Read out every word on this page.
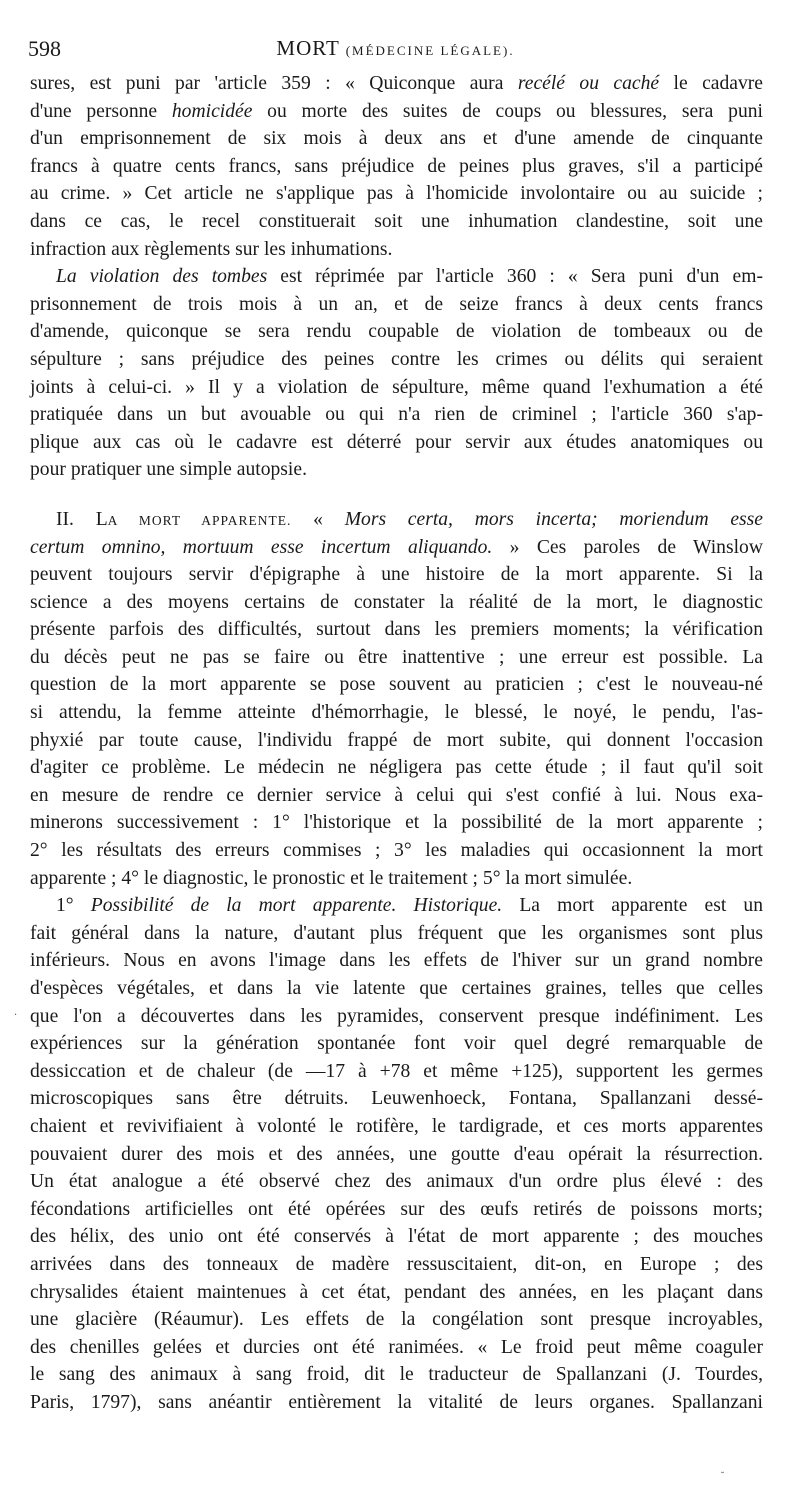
598	MORT (MÉDECINE LÉGALE).
sures, est puni par 'article 359 : « Quiconque aura recélé ou caché le cadavre
d'une personne homicidée ou morte des suites de coups ou blessures, sera puni
d'un emprisonnement de six mois à deux ans et d'une amende de cinquante
francs à quatre cents francs, sans préjudice de peines plus graves, s'il a participé
au crime. » Cet article ne s'applique pas à l'homicide involontaire ou au suicide ;
dans ce cas, le recel constituerait soit une inhumation clandestine, soit une
infraction aux règlements sur les inhumations.
La violation des tombes est réprimée par l'article 360 : « Sera puni d'un em-
prisonnement de trois mois à un an, et de seize francs à deux cents francs
d'amende, quiconque se sera rendu coupable de violation de tombeaux ou de
sépulture ; sans préjudice des peines contre les crimes ou délits qui seraient
joints à celui-ci. » Il y a violation de sépulture, même quand l'exhumation a été
pratiquée dans un but avouable ou qui n'a rien de criminel ; l'article 360 s'ap-
plique aux cas où le cadavre est déterré pour servir aux études anatomiques ou
pour pratiquer une simple autopsie.
II. LA MORT APPARENTE. « Mors certa, mors incerta; moriendum esse
certum omnino, mortuum esse incertum aliquando. » Ces paroles de Winslow
peuvent toujours servir d'épigraphe à une histoire de la mort apparente. Si la
science a des moyens certains de constater la réalité de la mort, le diagnostic
présente parfois des difficultés, surtout dans les premiers moments; la vérification
du décès peut ne pas se faire ou être inattentive ; une erreur est possible. La
question de la mort apparente se pose souvent au praticien ; c'est le nouveau-né
si attendu, la femme atteinte d'hémorrhagie, le blessé, le noyé, le pendu, l'as-
phyxié par toute cause, l'individu frappé de mort subite, qui donnent l'occasion
d'agiter ce problème. Le médecin ne négligera pas cette étude ; il faut qu'il soit
en mesure de rendre ce dernier service à celui qui s'est confié à lui. Nous exa-
minerons successivement : 1° l'historique et la possibilité de la mort apparente ;
2° les résultats des erreurs commises ; 3° les maladies qui occasionnent la mort
apparente ; 4° le diagnostic, le pronostic et le traitement ; 5° la mort simulée.
1° Possibilité de la mort apparente. Historique. La mort apparente est un
fait général dans la nature, d'autant plus fréquent que les organismes sont plus
inférieurs. Nous en avons l'image dans les effets de l'hiver sur un grand nombre
d'espèces végétales, et dans la vie latente que certaines graines, telles que celles
que l'on a découvertes dans les pyramides, conservent presque indéfiniment. Les
expériences sur la génération spontanée font voir quel degré remarquable de
dessiccation et de chaleur (de —17 à +78 et même +125), supportent les germes
microscopiques sans être détruits. Leuwenhoeck, Fontana, Spallanzani dessé-
chaient et revivifiaient à volonté le rotifère, le tardigrade, et ces morts apparentes
pouvaient durer des mois et des années, une goutte d'eau opérait la résurrection.
Un état analogue a été observé chez des animaux d'un ordre plus élevé : des
fécondations artificielles ont été opérées sur des œufs retirés de poissons morts;
des hélix, des unio ont été conservés à l'état de mort apparente ; des mouches
arrivées dans des tonneaux de madère ressuscitaient, dit-on, en Europe ; des
chrysalides étaient maintenues à cet état, pendant des années, en les plaçant dans
une glacière (Réaumur). Les effets de la congélation sont presque incroyables,
des chenilles gelées et durcies ont été ranimées. « Le froid peut même coaguler
le sang des animaux à sang froid, dit le traducteur de Spallanzani (J. Tourdes,
Paris, 1797), sans anéantir entièrement la vitalité de leurs organes. Spallanzani
·
˘
